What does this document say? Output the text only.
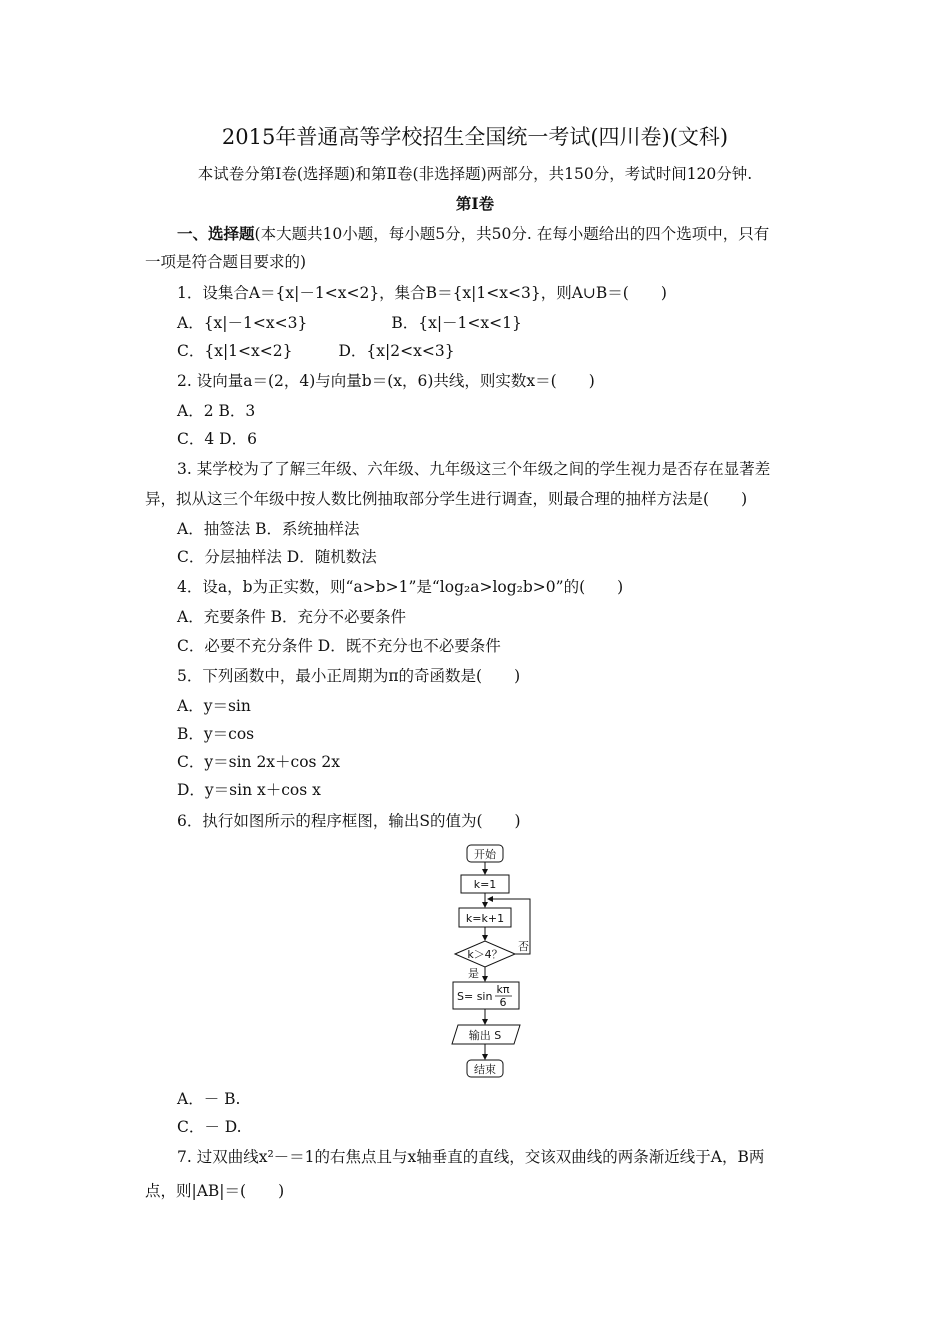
2015年普通高等学校招生全国统一考试(四川卷)(文科)
本试卷分第Ⅰ卷(选择题)和第Ⅱ卷(非选择题)两部分，共150分，考试时间120分钟.
第Ⅰ卷
一、选择题(本大题共10小题，每小题5分，共50分. 在每小题给出的四个选项中，只有
一项是符合题目要求的)
1．设集合A＝{x|－1<x<2}，集合B＝{x|1<x<3}，则A∪B＝( )
A．{x|－1<x<3}	B．{x|－1<x<1}
C．{x|1<x<2}	D．{x|2<x<3}
2. 设向量a＝(2，4)与向量b＝(x，6)共线，则实数x＝( )
A．2 B．3
C．4 D．6
3. 某学校为了了解三年级、六年级、九年级这三个年级之间的学生视力是否存在显著差
异，拟从这三个年级中按人数比例抽取部分学生进行调查，则最合理的抽样方法是( )
A．抽签法 B．系统抽样法
C．分层抽样法 D．随机数法
4．设a，b为正实数，则“a>b>1”是“log₂a>log₂b>0”的( )
A．充要条件 B．充分不必要条件
C．必要不充分条件 D．既不充分也不必要条件
5．下列函数中，最小正周期为π的奇函数是( )
A．y＝sin
B．y＝cos
C．y＝sin 2x＋cos 2x
D．y＝sin x＋cos x
6．执行如图所示的程序框图，输出S的值为( )
开始
k=1
k=k+1
k＞4？
否
是
S= sin
kπ
6
输出 S
结束
A．－ B.
C．－ D.
7. 过双曲线x²－＝1的右焦点且与x轴垂直的直线，交该双曲线的两条渐近线于A，B两
点，则|AB|＝( )
